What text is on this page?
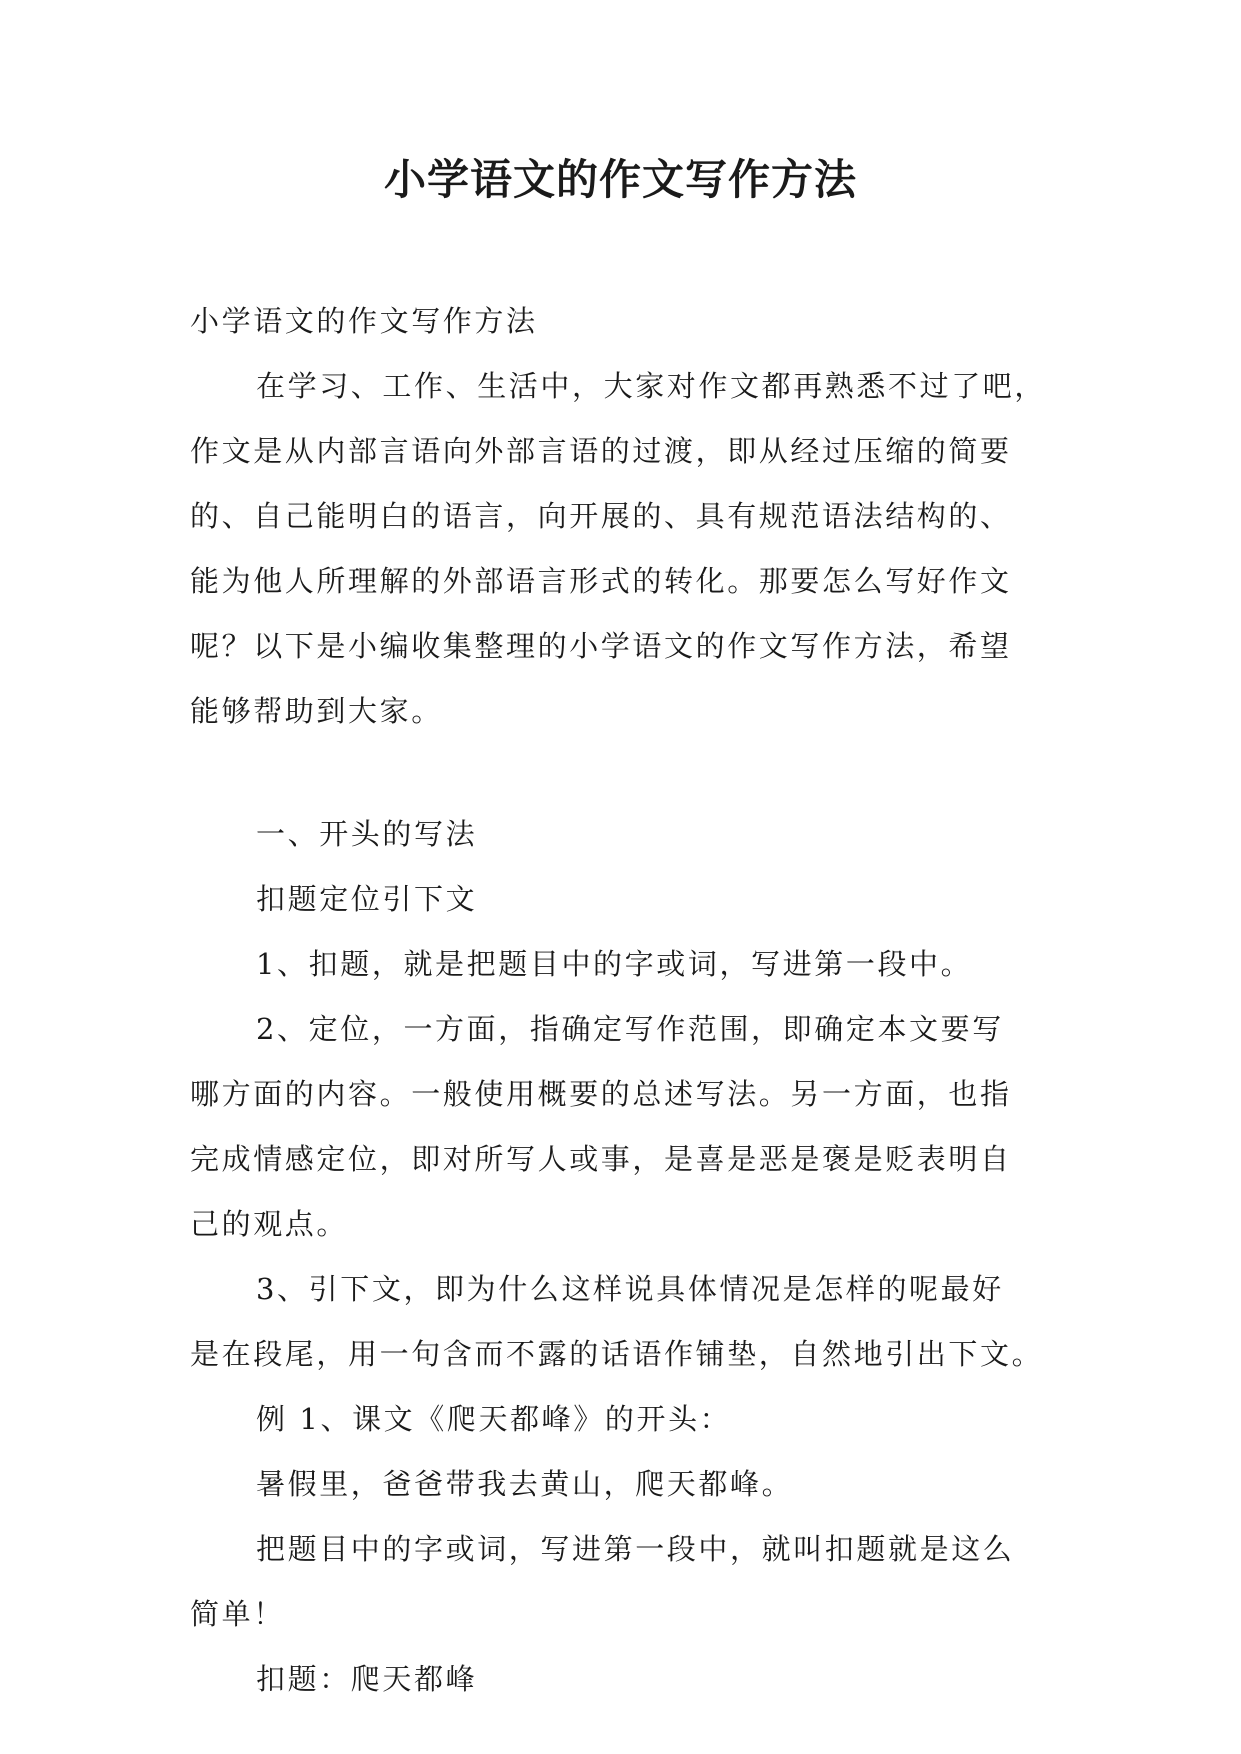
小学语文的作文写作方法

小学语文的作文写作方法

在学习、工作、生活中，大家对作文都再熟悉不过了吧，

作文是从内部言语向外部言语的过渡，即从经过压缩的简要

的、自己能明白的语言，向开展的、具有规范语法结构的、

能为他人所理解的外部语言形式的转化。那要怎么写好作文

呢？以下是小编收集整理的小学语文的作文写作方法，希望

能够帮助到大家。

一、开头的写法

扣题定位引下文

1、扣题，就是把题目中的字或词，写进第一段中。

2、定位，一方面，指确定写作范围，即确定本文要写

哪方面的内容。一般使用概要的总述写法。另一方面，也指

完成情感定位，即对所写人或事，是喜是恶是褒是贬表明自

己的观点。

3、引下文，即为什么这样说具体情况是怎样的呢最好

是在段尾，用一句含而不露的话语作铺垫，自然地引出下文。

例 1、课文《爬天都峰》的开头：

暑假里，爸爸带我去黄山，爬天都峰。

把题目中的字或词，写进第一段中，就叫扣题就是这么

简单！

扣题：爬天都峰
